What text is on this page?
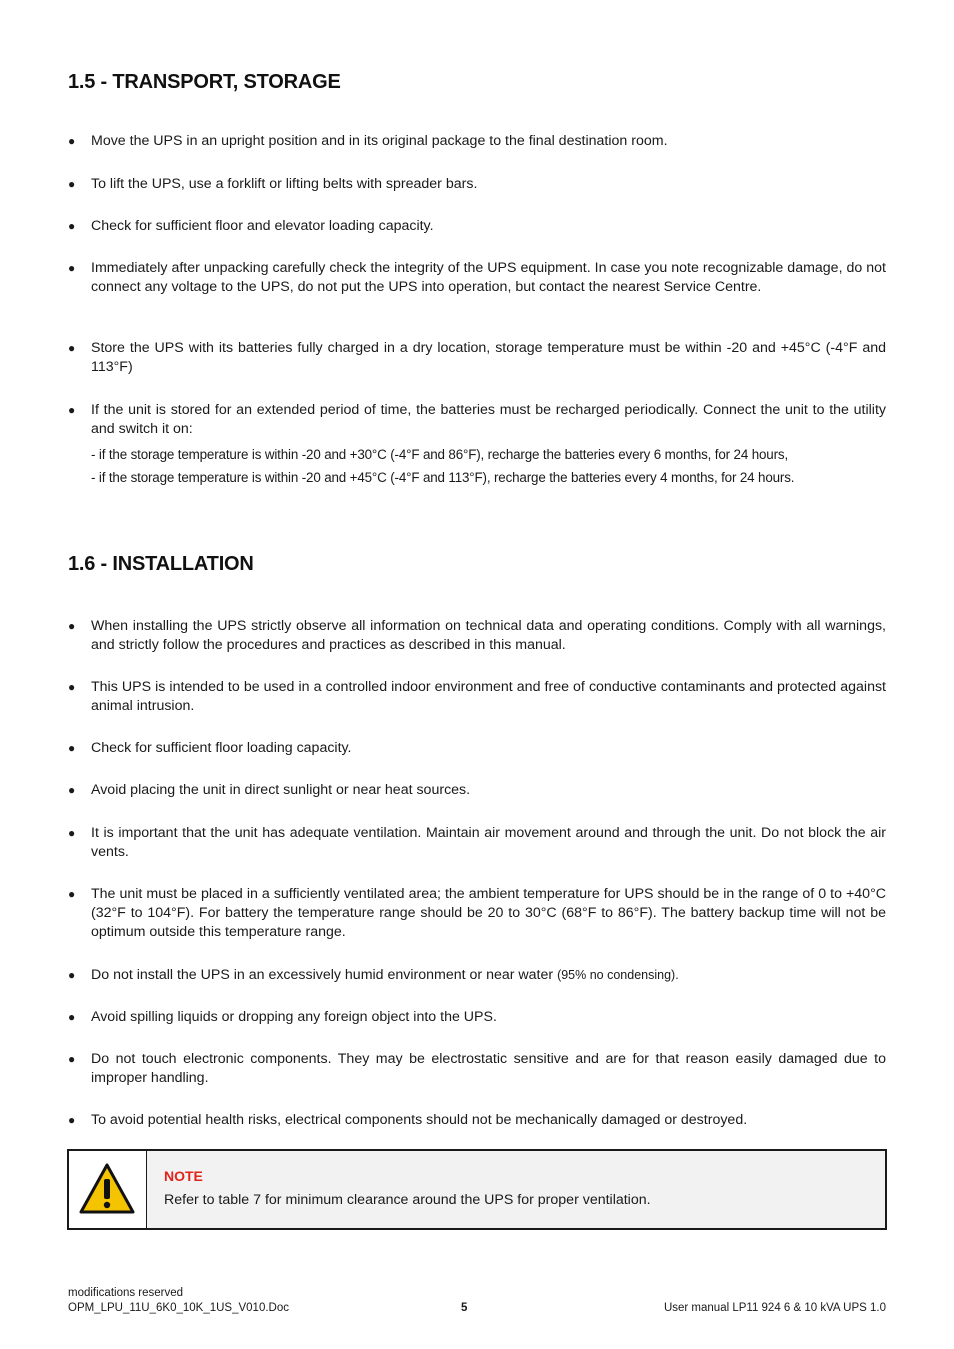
1.5 - TRANSPORT, STORAGE
●	Move the UPS in an upright position and in its original package to the final destination room.
●	To lift the UPS, use a forklift or lifting belts with spreader bars.
●	Check for sufficient floor and elevator loading capacity.
●	Immediately after unpacking carefully check the integrity of the UPS equipment. In case you note recognizable damage, do not connect any voltage to the UPS, do not put the UPS into operation, but contact the nearest Service Centre.
●	Store the UPS with its batteries fully charged in a dry location, storage temperature must be within -20 and +45°C (-4°F and 113°F)
●	If the unit is stored for an extended period of time, the batteries must be recharged periodically. Connect the unit to the utility and switch it on:
- if the storage temperature is within -20 and +30°C (-4°F and 86°F), recharge the batteries every 6 months, for 24 hours,
- if the storage temperature is within -20 and +45°C (-4°F and 113°F), recharge the batteries every 4 months, for 24 hours.
1.6 - INSTALLATION
●	When installing the UPS strictly observe all information on technical data and operating conditions. Comply with all warnings, and strictly follow the procedures and practices as described in this manual.
●	This UPS is intended to be used in a controlled indoor environment and free of conductive contaminants and protected against animal intrusion.
●	Check for sufficient floor loading capacity.
●	Avoid placing the unit in direct sunlight or near heat sources.
●	It is important that the unit has adequate ventilation. Maintain air movement around and through the unit. Do not block the air vents.
●	The unit must be placed in a sufficiently ventilated area; the ambient temperature for UPS should be in the range of 0 to +40°C (32°F to 104°F). For battery the temperature range should be 20 to 30°C (68°F to 86°F). The battery backup time will not be optimum outside this temperature range.
●	Do not install the UPS in an excessively humid environment or near water (95% no condensing).
●	Avoid spilling liquids or dropping any foreign object into the UPS.
●	Do not touch electronic components. They may be electrostatic sensitive and are for that reason easily damaged due to improper handling.
●	To avoid potential health risks, electrical components should not be mechanically damaged or destroyed.
NOTE
Refer to table 7 for minimum clearance around the UPS for proper ventilation.
modifications reserved
OPM_LPU_11U_6K0_10K_1US_V010.Doc	5	User manual LP11 924 6 & 10 kVA UPS 1.0
